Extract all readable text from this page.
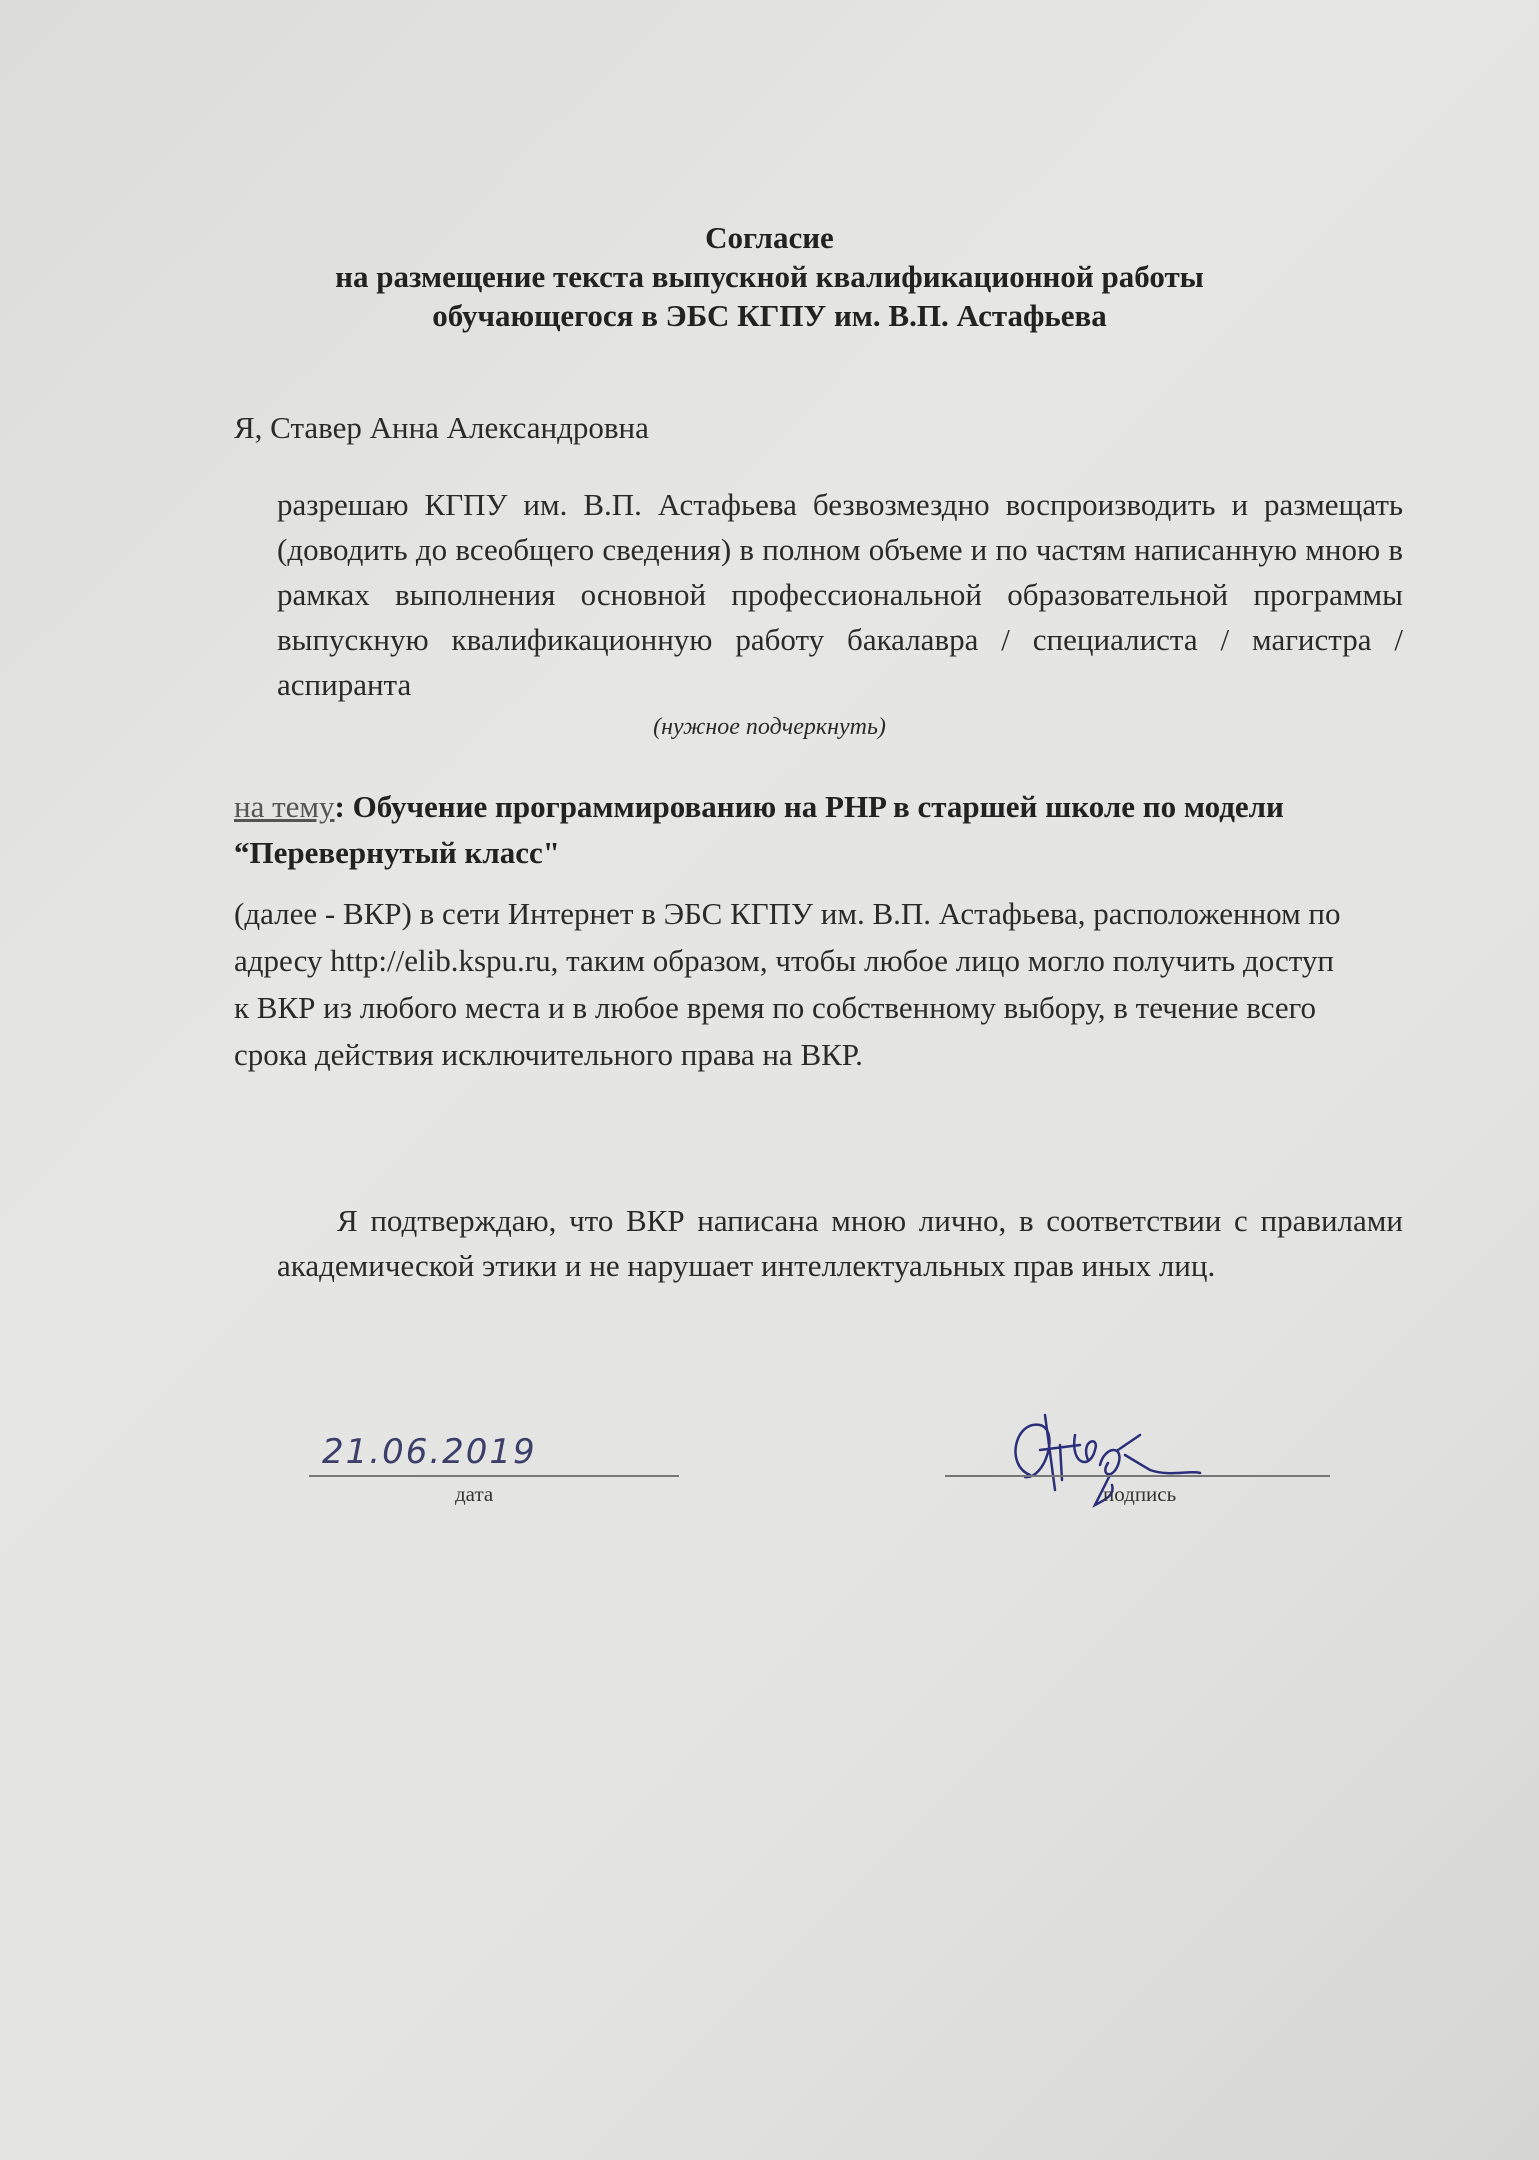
Согласие
на размещение текста выпускной квалификационной работы
обучающегося в ЭБС КГПУ им. В.П. Астафьева
Я, Ставер Анна Александровна
разрешаю КГПУ им. В.П. Астафьева безвозмездно воспроизводить и размещать (доводить до всеобщего сведения) в полном объеме и по частям написанную мною в рамках выполнения основной профессиональной образовательной программы выпускную квалификационную работу бакалавра / специалиста / магистра / аспиранта
(нужное подчеркнуть)
на тему: Обучение программированию на PHP в старшей школе по модели “Перевернутый класс"
(далее - ВКР) в сети Интернет в ЭБС КГПУ им. В.П. Астафьева, расположенном по адресу http://elib.kspu.ru, таким образом, чтобы любое лицо могло получить доступ к ВКР из любого места и в любое время по собственному выбору, в течение всего срока действия исключительного права на ВКР.
Я подтверждаю, что ВКР написана мною лично, в соответствии с правилами академической этики и не нарушает интеллектуальных прав иных лиц.
21.06.2019
дата	подпись
